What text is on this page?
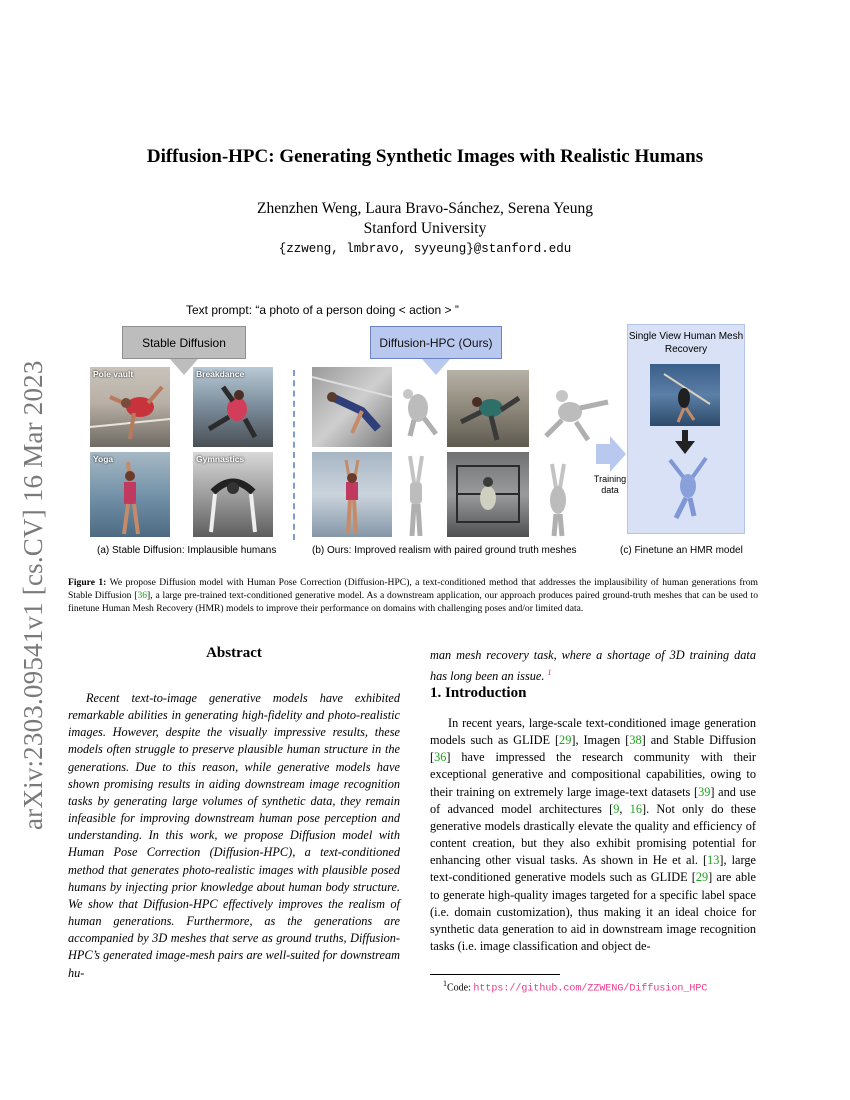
arXiv:2303.09541v1 [cs.CV] 16 Mar 2023
Diffusion-HPC: Generating Synthetic Images with Realistic Humans
Zhenzhen Weng, Laura Bravo-Sánchez, Serena Yeung
Stanford University
{zzweng, lmbravo, syyeung}@stanford.edu
Text prompt: “a photo of a person doing < action > ”
Stable Diffusion	Diffusion-HPC (Ours)
Pole vault	Breakdance
Yoga	Gymnastics
Training data
Single View Human Mesh Recovery
(a) Stable Diffusion: Implausible humans	(b) Ours: Improved realism with paired ground truth meshes	(c) Finetune an HMR model
Figure 1: We propose Diffusion model with Human Pose Correction (Diffusion-HPC), a text-conditioned method that addresses the implausibility of human generations from Stable Diffusion [36], a large pre-trained text-conditioned generative model. As a downstream application, our approach produces paired ground-truth meshes that can be used to finetune Human Mesh Recovery (HMR) models to improve their performance on domains with challenging poses and/or limited data.
Abstract
Recent text-to-image generative models have exhibited remarkable abilities in generating high-fidelity and photo-realistic images. However, despite the visually impressive results, these models often struggle to preserve plausible human structure in the generations. Due to this reason, while generative models have shown promising results in aiding downstream image recognition tasks by generating large volumes of synthetic data, they remain infeasible for improving downstream human pose perception and understanding. In this work, we propose Diffusion model with Human Pose Correction (Diffusion-HPC), a text-conditioned method that generates photo-realistic images with plausible posed humans by injecting prior knowledge about human body structure. We show that Diffusion-HPC effectively improves the realism of human generations. Furthermore, as the generations are accompanied by 3D meshes that serve as ground truths, Diffusion-HPC’s generated image-mesh pairs are well-suited for downstream hu-
man mesh recovery task, where a shortage of 3D training data has long been an issue. $^1$
1. Introduction
In recent years, large-scale text-conditioned image generation models such as GLIDE [29], Imagen [38] and Stable Diffusion [36] have impressed the research community with their exceptional generative and compositional capabilities, owing to their training on extremely large image-text datasets [39] and use of advanced model architectures [9, 16]. Not only do these generative models drastically elevate the quality and efficiency of content creation, but they also exhibit promising potential for enhancing other visual tasks. As shown in He et al. [13], large text-conditioned generative models such as GLIDE [29] are able to generate high-quality images targeted for a specific label space (i.e. domain customization), thus making it an ideal choice for synthetic data generation to aid in downstream image recognition tasks (i.e. image classification and object de-
$^1$Code: https://github.com/ZZWENG/Diffusion_HPC
